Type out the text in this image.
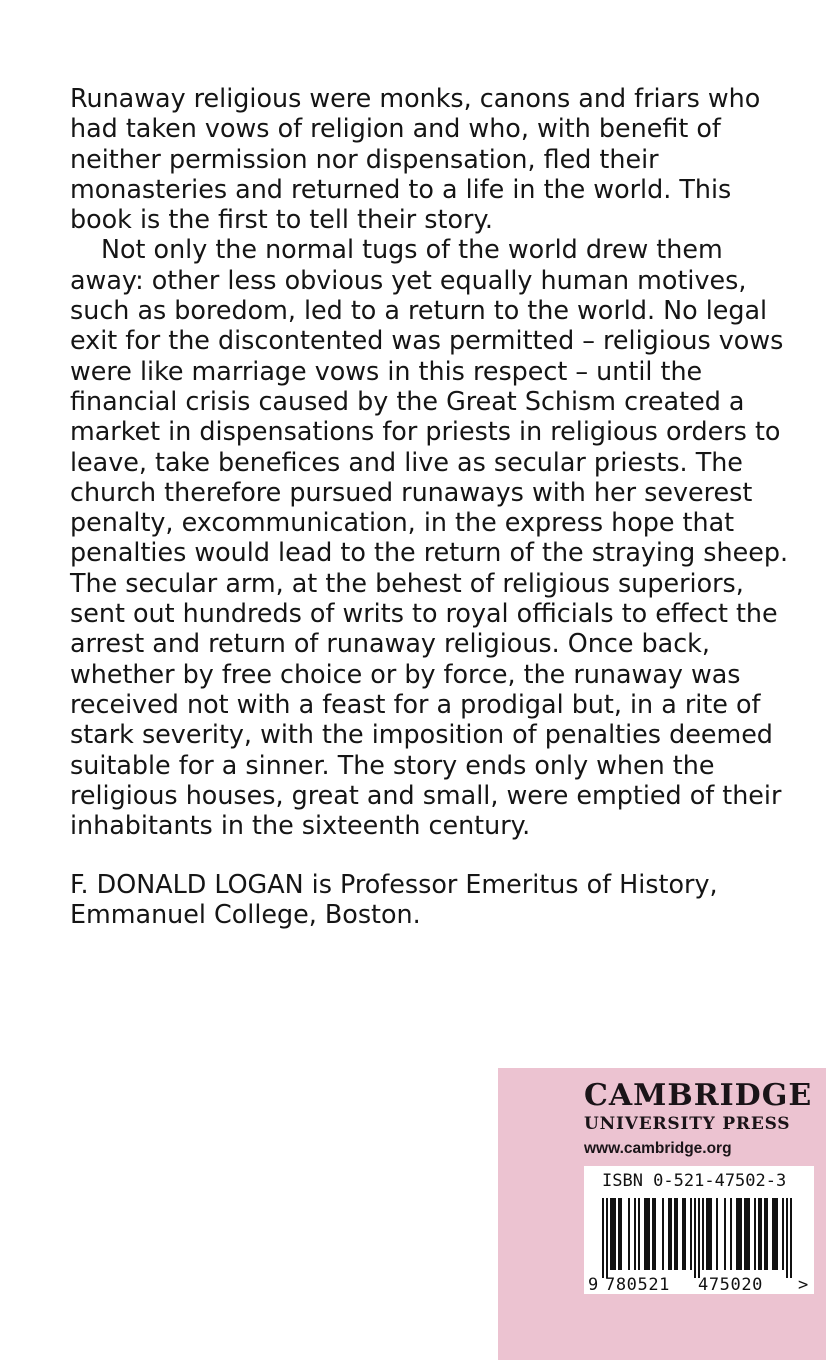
Runaway religious were monks, canons and friars who
had taken vows of religion and who, with benefit of
neither permission nor dispensation, fled their
monasteries and returned to a life in the world. This
book is the first to tell their story.
Not only the normal tugs of the world drew them
away: other less obvious yet equally human motives,
such as boredom, led to a return to the world. No legal
exit for the discontented was permitted – religious vows
were like marriage vows in this respect – until the
financial crisis caused by the Great Schism created a
market in dispensations for priests in religious orders to
leave, take benefices and live as secular priests. The
church therefore pursued runaways with her severest
penalty, excommunication, in the express hope that
penalties would lead to the return of the straying sheep.
The secular arm, at the behest of religious superiors,
sent out hundreds of writs to royal officials to effect the
arrest and return of runaway religious. Once back,
whether by free choice or by force, the runaway was
received not with a feast for a prodigal but, in a rite of
stark severity, with the imposition of penalties deemed
suitable for a sinner. The story ends only when the
religious houses, great and small, were emptied of their
inhabitants in the sixteenth century.
F. DONALD LOGAN is Professor Emeritus of History,
Emmanuel College, Boston.
CAMBRIDGE
UNIVERSITY PRESS
www.cambridge.org
ISBN 0-521-47502-3
9 780521 475020 >
